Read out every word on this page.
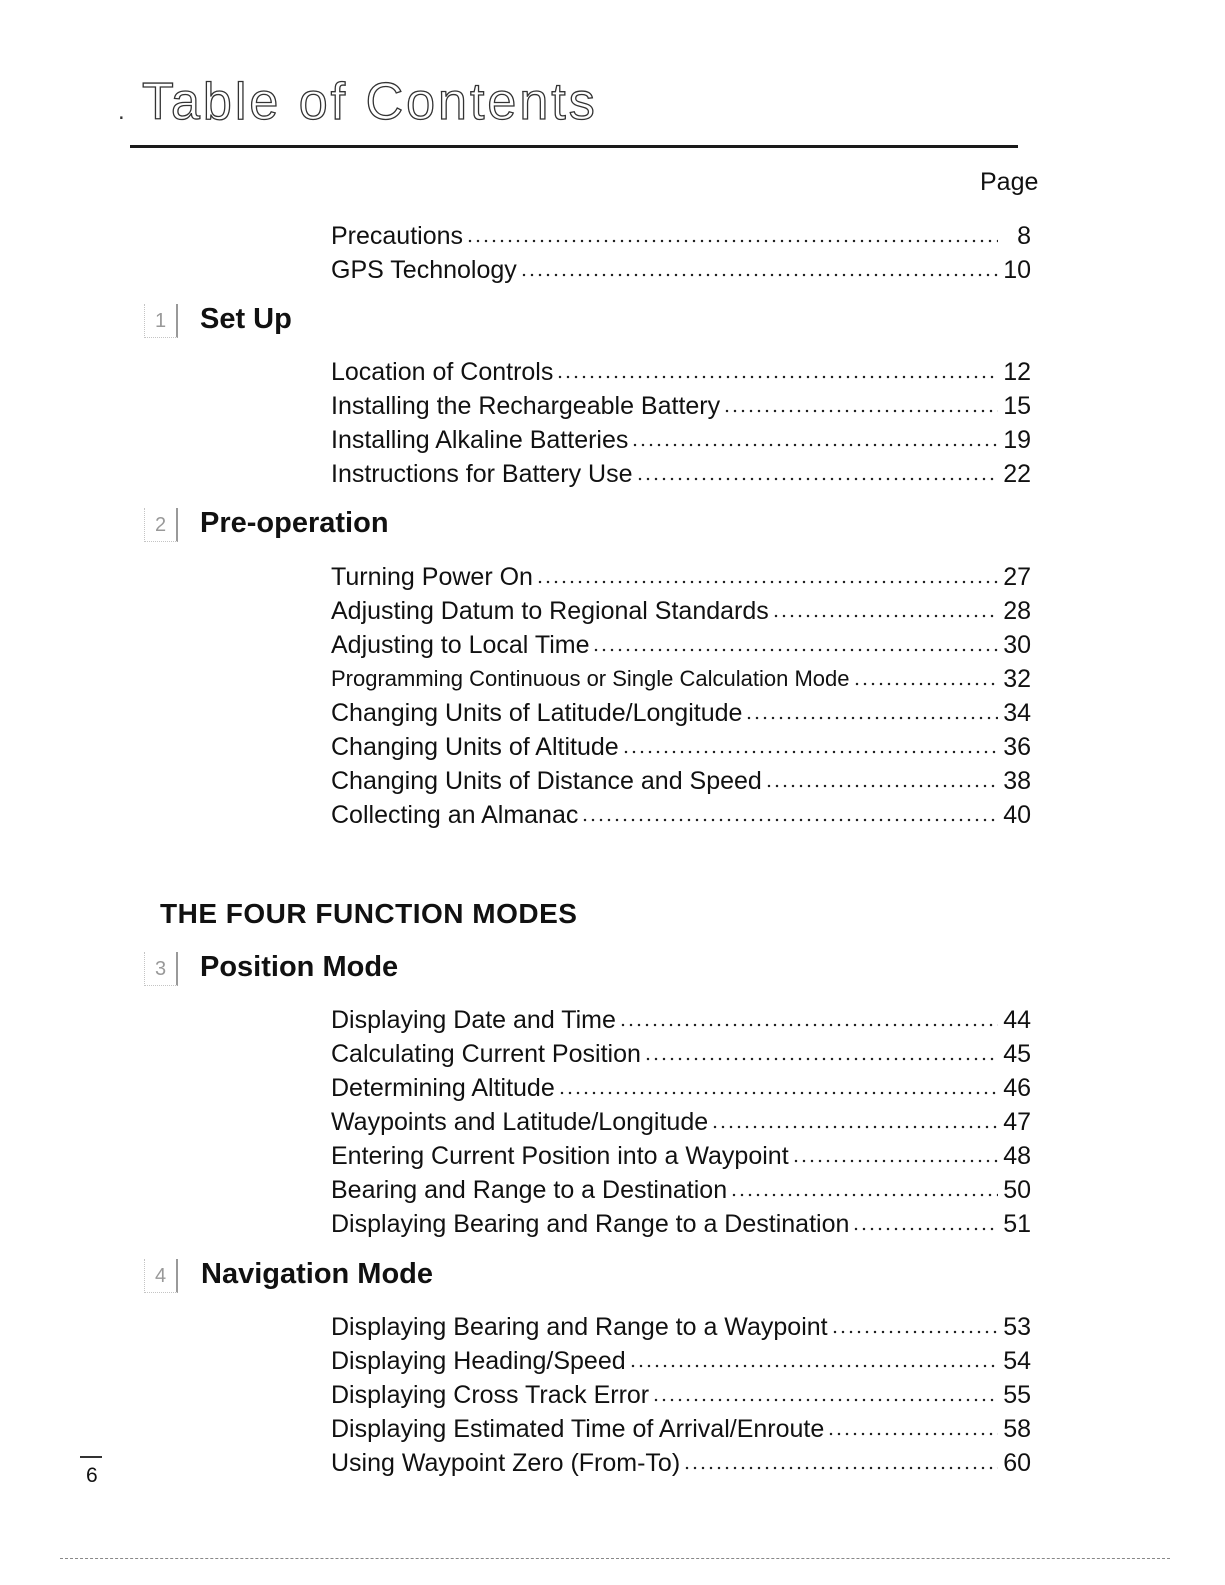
. Table of Contents
Page
Precautions	8
GPS Technology	10
1	Set Up
Location of Controls	12
Installing the Rechargeable Battery	15
Installing Alkaline Batteries	19
Instructions for Battery Use	22
2	Pre-operation
Turning Power On	27
Adjusting Datum to Regional Standards	28
Adjusting to Local Time	30
Programming Continuous or Single Calculation Mode	32
Changing Units of Latitude/Longitude	34
Changing Units of Altitude	36
Changing Units of Distance and Speed	38
Collecting an Almanac	40
THE FOUR FUNCTION MODES
3	Position Mode
Displaying Date and Time	44
Calculating Current Position	45
Determining Altitude	46
Waypoints and Latitude/Longitude	47
Entering Current Position into a Waypoint	48
Bearing and Range to a Destination	50
Displaying Bearing and Range to a Destination	51
4	Navigation Mode
Displaying Bearing and Range to a Waypoint	53
Displaying Heading/Speed	54
Displaying Cross Track Error	55
Displaying Estimated Time of Arrival/Enroute	58
Using Waypoint Zero (From-To)	60
6
